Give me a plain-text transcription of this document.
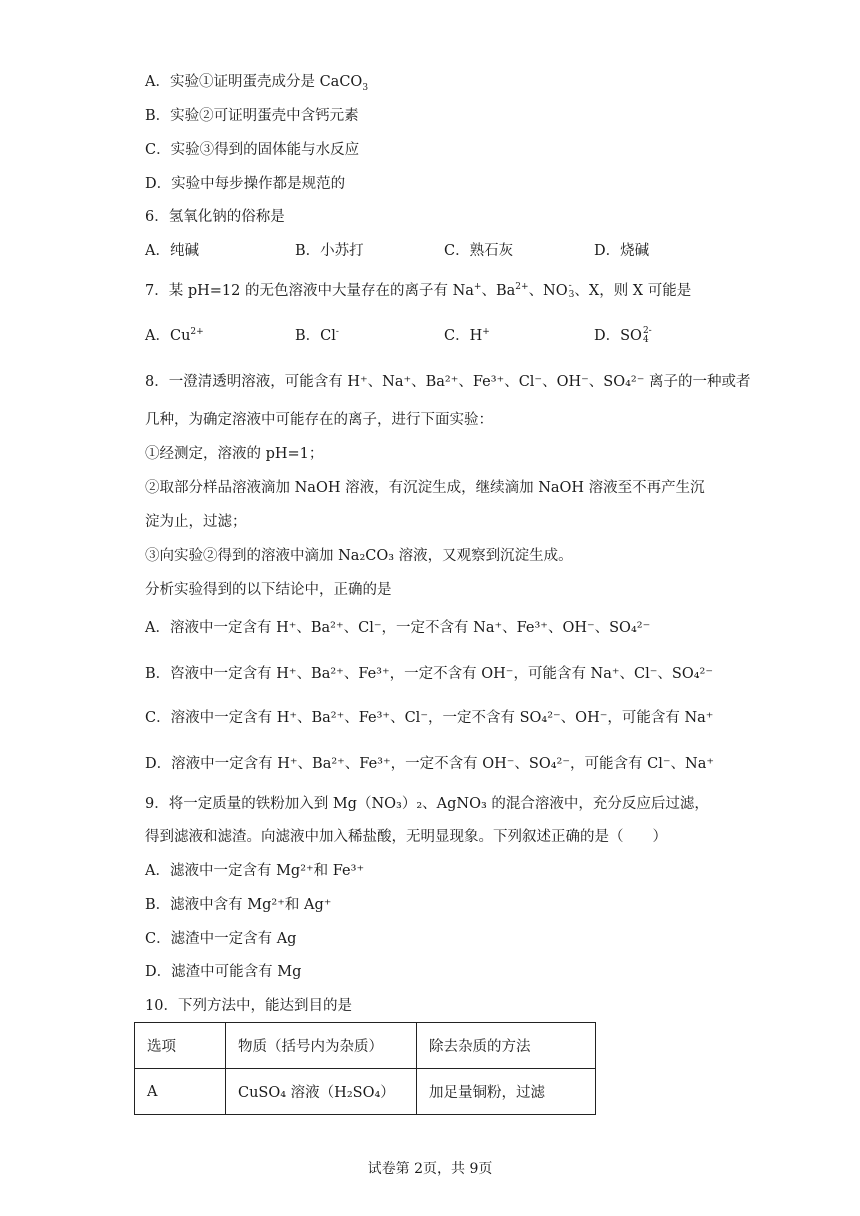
A．实验①证明蛋壳成分是 CaCO$_3$
B．实验②可证明蛋壳中含钙元素
C．实验③得到的固体能与水反应
D．实验中每步操作都是规范的
6．氢氧化钠的俗称是
A．纯碱	B．小苏打	C．熟石灰	D．烧碱
7．某 pH=12 的无色溶液中大量存在的离子有 Na+、$Ba^{2+}$、NO -
3 、X，则 X 可能是
A．$Cu^{2+}$	B．Cl-	C．H+	D．SO 2-
4
8．一澄清透明溶液，可能含有 H⁺、Na⁺、Ba²⁺、Fe³⁺、Cl⁻、OH⁻、SO₄²⁻ 离子的一种或者
几种，为确定溶液中可能存在的离子，进行下面实验：
①经测定，溶液的 pH=1；
②取部分样品溶液滴加 NaOH 溶液，有沉淀生成，继续滴加 NaOH 溶液至不再产生沉
淀为止，过滤；
③向实验②得到的溶液中滴加 Na₂CO₃ 溶液，又观察到沉淀生成。
分析实验得到的以下结论中，正确的是
A．溶液中一定含有 H⁺、Ba²⁺、Cl⁻，一定不含有 Na⁺、Fe³⁺、OH⁻、SO₄²⁻
B．咨液中一定含有 H⁺、Ba²⁺、Fe³⁺，一定不含有 OH⁻，可能含有 Na⁺、Cl⁻、SO₄²⁻
C．溶液中一定含有 H⁺、Ba²⁺、Fe³⁺、Cl⁻，一定不含有 SO₄²⁻、OH⁻，可能含有 Na⁺
D．溶液中一定含有 H⁺、Ba²⁺、Fe³⁺，一定不含有 OH⁻、SO₄²⁻，可能含有 Cl⁻、Na⁺
9．将一定质量的铁粉加入到 Mg（NO₃）₂、AgNO₃ 的混合溶液中，充分反应后过滤，
得到滤液和滤渣。向滤液中加入稀盐酸，无明显现象。下列叙述正确的是（　　）
A．滤液中一定含有 Mg²⁺和 Fe³⁺
B．滤液中含有 Mg²⁺和 Ag⁺
C．滤渣中一定含有 Ag
D．滤渣中可能含有 Mg
10．下列方法中，能达到目的是
选项	物质（括号内为杂质）	除去杂质的方法
A	CuSO₄ 溶液（H₂SO₄）	加足量铜粉，过滤
试卷第 2页，共 9页
